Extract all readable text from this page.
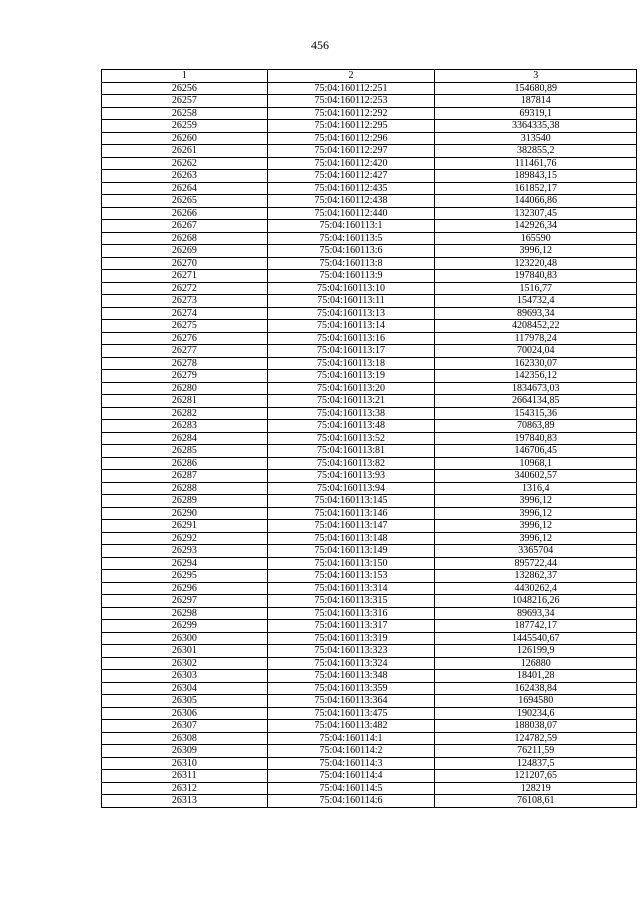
456
1	2	3
26256	75:04:160112:251	154680,89
26257	75:04:160112:253	187814
26258	75:04:160112:292	69319,1
26259	75:04:160112:295	3364335,38
26260	75:04:160112:296	313540
26261	75:04:160112:297	382855,2
26262	75:04:160112:420	111461,76
26263	75:04:160112:427	189843,15
26264	75:04:160112:435	161852,17
26265	75:04:160112:438	144066,86
26266	75:04:160112:440	132307,45
26267	75:04:160113:1	142926,34
26268	75:04:160113:5	165590
26269	75:04:160113:6	3996,12
26270	75:04:160113:8	123220,48
26271	75:04:160113:9	197840,83
26272	75:04:160113:10	1516,77
26273	75:04:160113:11	154732,4
26274	75:04:160113:13	89693,34
26275	75:04:160113:14	4208452,22
26276	75:04:160113:16	117978,24
26277	75:04:160113:17	70024,04
26278	75:04:160113:18	162330,07
26279	75:04:160113:19	142356,12
26280	75:04:160113:20	1834673,03
26281	75:04:160113:21	2664134,85
26282	75:04:160113:38	154315,36
26283	75:04:160113:48	70863,89
26284	75:04:160113:52	197840,83
26285	75:04:160113:81	146706,45
26286	75:04:160113:82	10968,1
26287	75:04:160113:93	340602,57
26288	75:04:160113:94	1316,4
26289	75:04:160113:145	3996,12
26290	75:04:160113:146	3996,12
26291	75:04:160113:147	3996,12
26292	75:04:160113:148	3996,12
26293	75:04:160113:149	3365704
26294	75:04:160113:150	895722,44
26295	75:04:160113:153	132862,37
26296	75:04:160113:314	4430262,4
26297	75:04:160113:315	1048216,26
26298	75:04:160113:316	89693,34
26299	75:04:160113:317	187742,17
26300	75:04:160113:319	1445540,67
26301	75:04:160113:323	126199,9
26302	75:04:160113:324	126880
26303	75:04:160113:348	18401,28
26304	75:04:160113:359	162438,84
26305	75:04:160113:364	1694580
26306	75:04:160113:475	190234,6
26307	75:04:160113:482	188038,07
26308	75:04:160114:1	124782,59
26309	75:04:160114:2	76211,59
26310	75:04:160114:3	124837,5
26311	75:04:160114:4	121207,65
26312	75:04:160114:5	128219
26313	75:04:160114:6	76108,61
